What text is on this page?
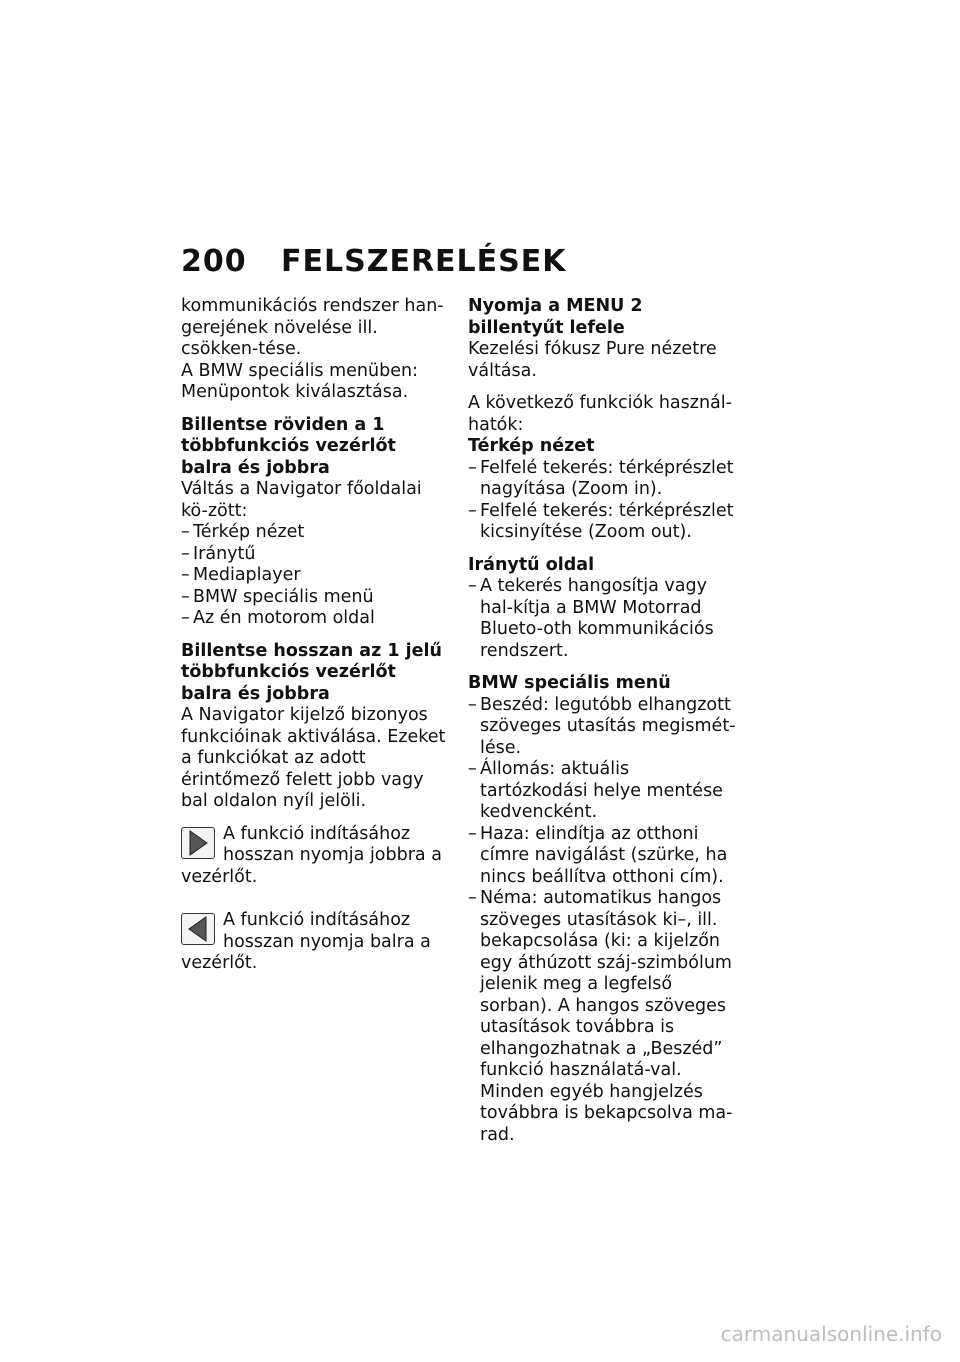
200 FELSZERELÉSEK
kommunikációs rendszer han-gerejének növelése ill. csökken-tése.
A BMW speciális menüben: Menüpontok kiválasztása.
Billentse röviden a 1 többfunkciós vezérlőt balra és jobbra
Váltás a Navigator főoldalai kö-zött:
– Térkép nézet
– Iránytű
– Mediaplayer
– BMW speciális menü
– Az én motorom oldal
Billentse hosszan az 1 jelű többfunkciós vezérlőt balra és jobbra
A Navigator kijelző bizonyos funkcióinak aktiválása. Ezeket a funkciókat az adott érintőmező felett jobb vagy bal oldalon nyíl jelöli.
A funkció indításához hosszan nyomja jobbra a vezérlőt.
A funkció indításához hosszan nyomja balra a vezérlőt.
Nyomja a MENU 2 billentyűt lefele
Kezelési fókusz Pure nézetre váltása.
A következő funkciók használ-hatók:
Térkép nézet
– Felfelé tekerés: térképrészlet nagyítása (Zoom in).
– Felfelé tekerés: térképrészlet kicsinyítése (Zoom out).
Iránytű oldal
– A tekerés hangosítja vagy hal-kítja a BMW Motorrad Blueto-oth kommunikációs rendszert.
BMW speciális menü
– Beszéd: legutóbb elhangzott szöveges utasítás megismét-lése.
– Állomás: aktuális tartózkodási helye mentése kedvencként.
– Haza: elindítja az otthoni címre navigálást (szürke, ha nincs beállítva otthoni cím).
– Néma: automatikus hangos szöveges utasítások ki–, ill. bekapcsolása (ki: a kijelzőn egy áthúzott száj-szimbólum jelenik meg a legfelső sorban). A hangos szöveges utasítások továbbra is elhangozhatnak a „Beszéd” funkció használatá-val. Minden egyéb hangjelzés továbbra is bekapcsolva ma-rad.
carmanualsonline.info
